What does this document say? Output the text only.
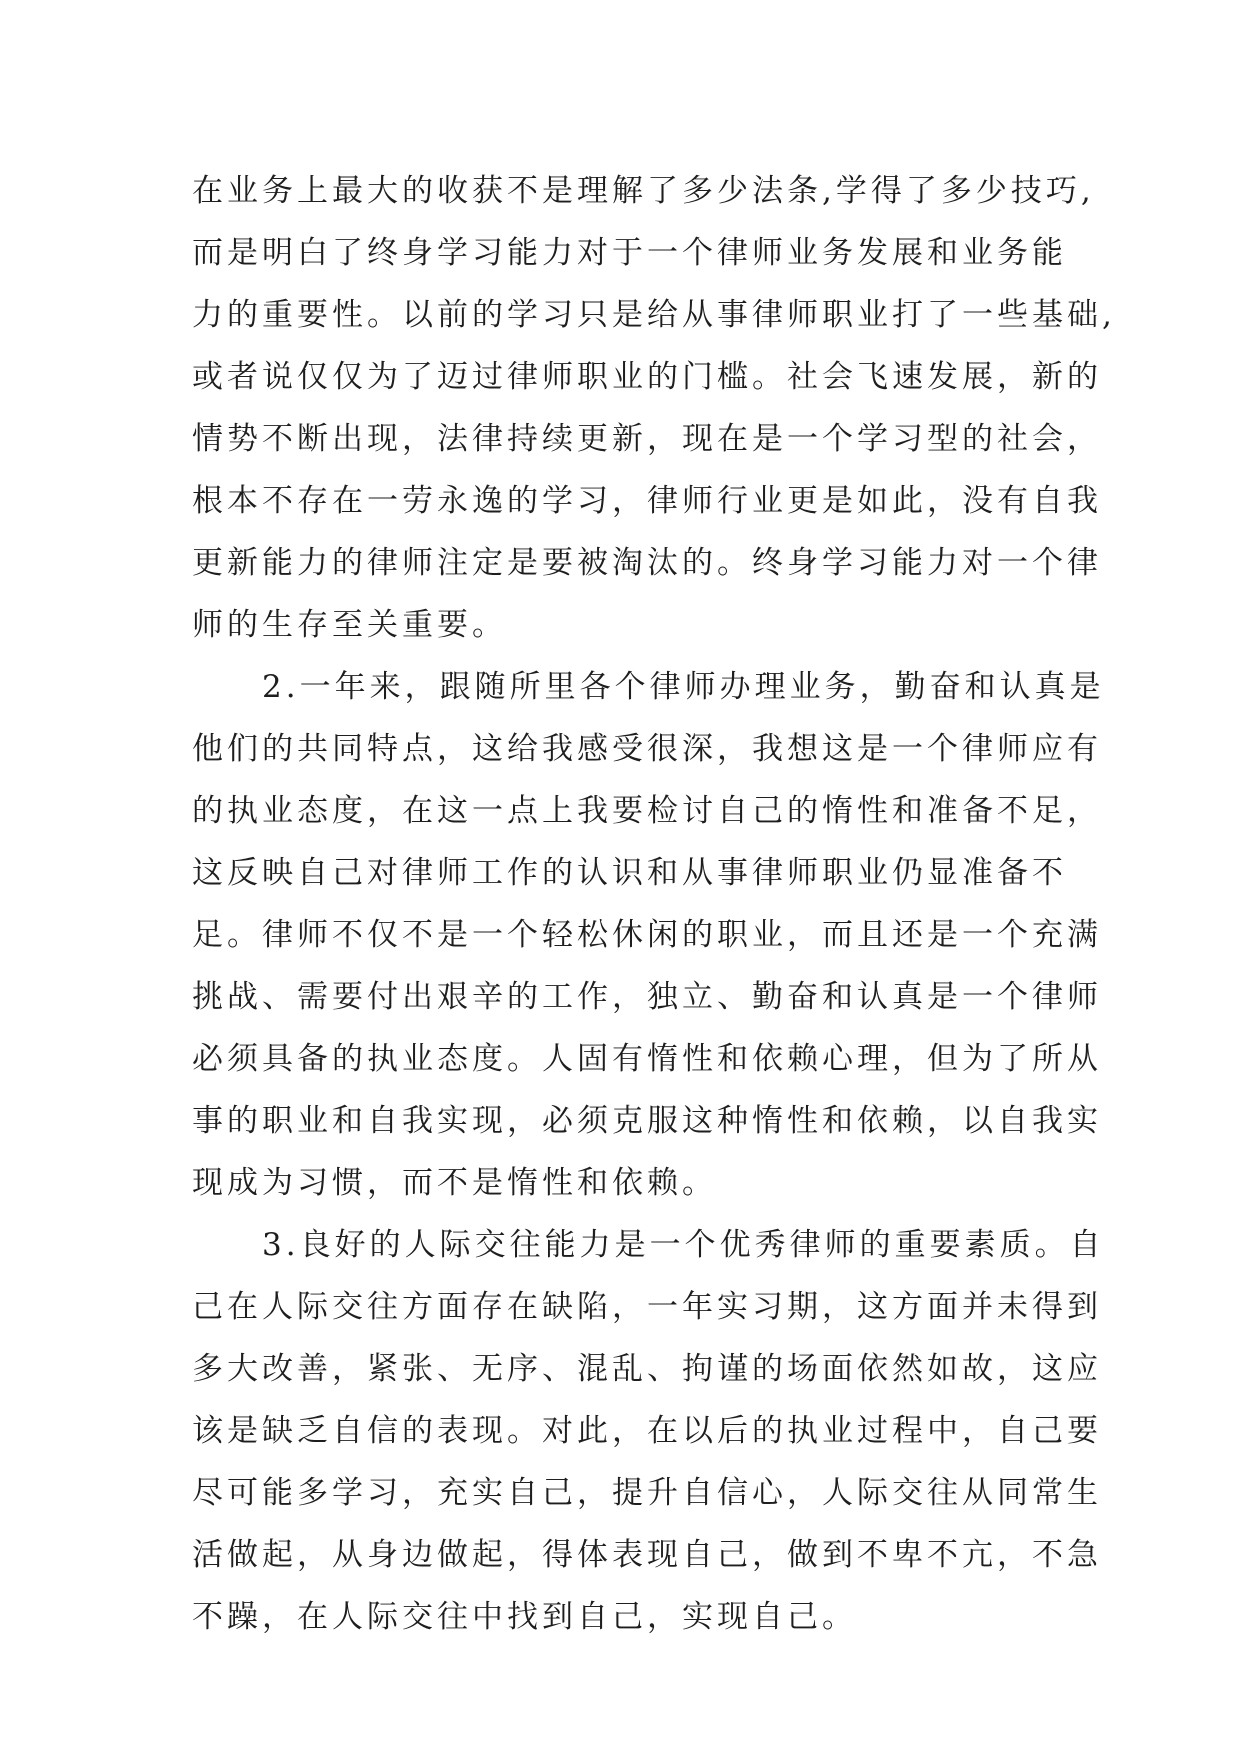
在业务上最大的收获不是理解了多少法条,学得了多少技巧,
而是明白了终身学习能力对于一个律师业务发展和业务能
力的重要性。以前的学习只是给从事律师职业打了一些基础,
或者说仅仅为了迈过律师职业的门槛。社会飞速发展，新的
情势不断出现，法律持续更新，现在是一个学习型的社会，
根本不存在一劳永逸的学习，律师行业更是如此，没有自我
更新能力的律师注定是要被淘汰的。终身学习能力对一个律
师的生存至关重要。
　　2.一年来，跟随所里各个律师办理业务，勤奋和认真是
他们的共同特点，这给我感受很深，我想这是一个律师应有
的执业态度，在这一点上我要检讨自己的惰性和准备不足，
这反映自己对律师工作的认识和从事律师职业仍显准备不
足。律师不仅不是一个轻松休闲的职业，而且还是一个充满
挑战、需要付出艰辛的工作，独立、勤奋和认真是一个律师
必须具备的执业态度。人固有惰性和依赖心理，但为了所从
事的职业和自我实现，必须克服这种惰性和依赖，以自我实
现成为习惯，而不是惰性和依赖。
　　3.良好的人际交往能力是一个优秀律师的重要素质。自
己在人际交往方面存在缺陷，一年实习期，这方面并未得到
多大改善，紧张、无序、混乱、拘谨的场面依然如故，这应
该是缺乏自信的表现。对此，在以后的执业过程中，自己要
尽可能多学习，充实自己，提升自信心，人际交往从同常生
活做起，从身边做起，得体表现自己，做到不卑不亢，不急
不躁，在人际交往中找到自己，实现自己。
